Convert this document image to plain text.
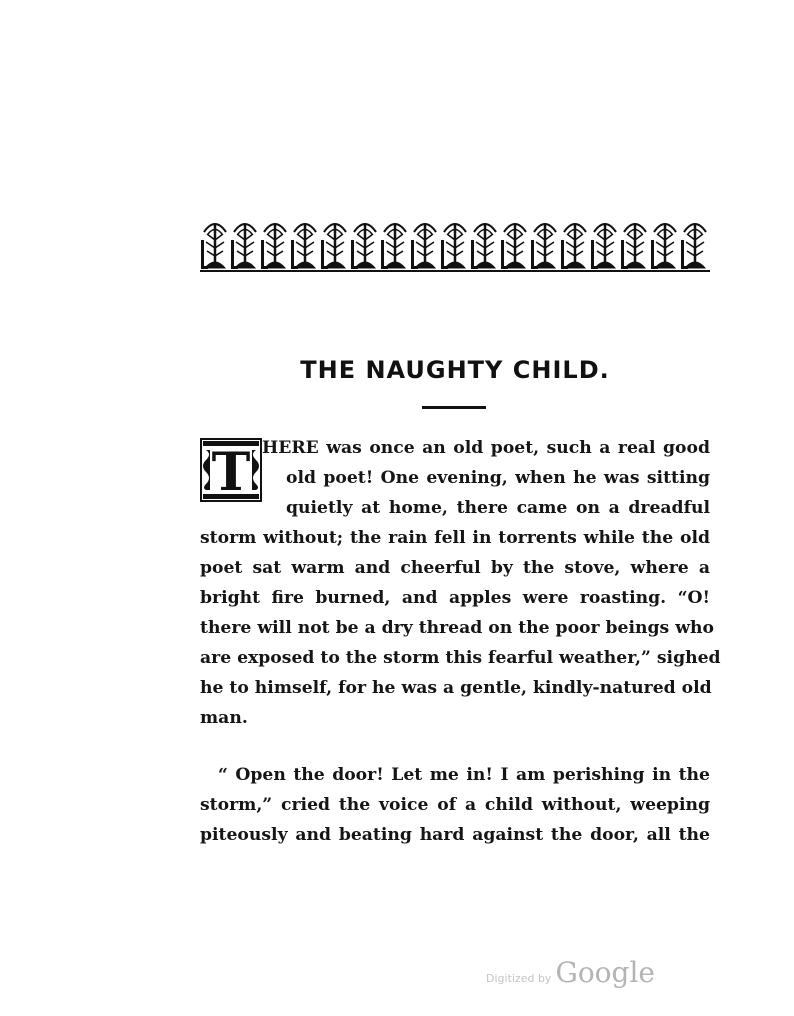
THE NAUGHTY CHILD.
T HERE was once an old poet, such a real good
old poet! One evening, when he was sitting
quietly at home, there came on a dreadful
storm without; the rain fell in torrents while the old
poet sat warm and cheerful by the stove, where a
bright fire burned, and apples were roasting. “O!
there will not be a dry thread on the poor beings who
are exposed to the storm this fearful weather,” sighed
he to himself, for he was a gentle, kindly-natured old
man.
“ Open the door! Let me in! I am perishing in the
storm,” cried the voice of a child without, weeping
piteously and beating hard against the door, all the
Digitized by Google
